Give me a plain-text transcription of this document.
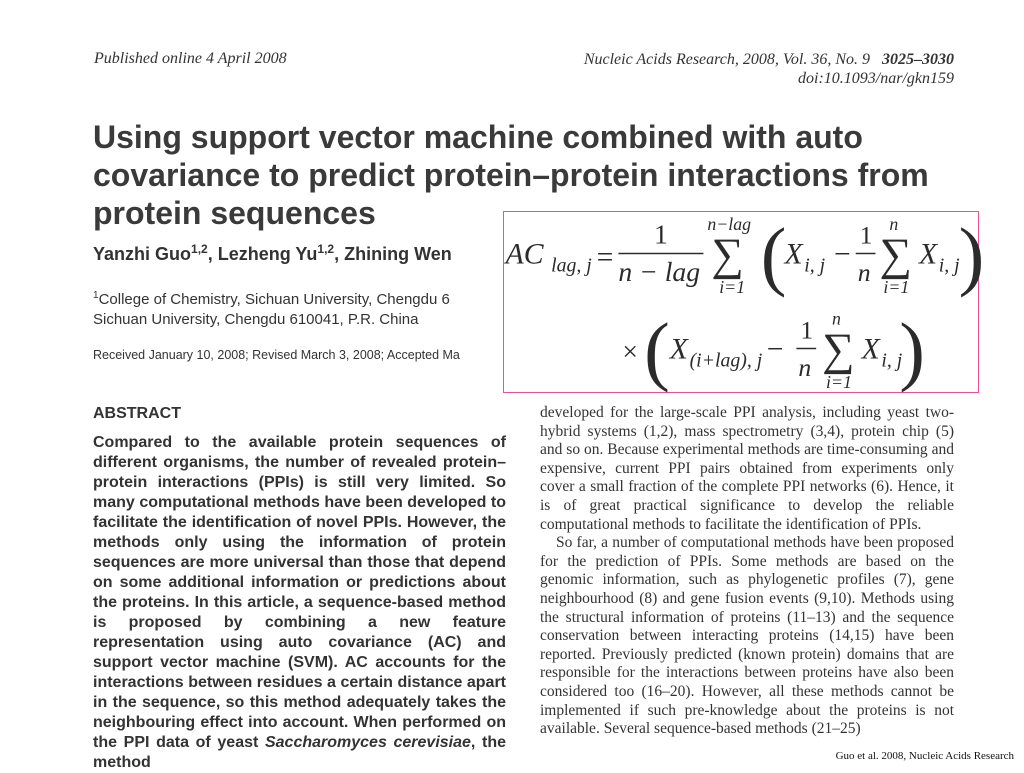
Published online 4 April 2008	Nucleic Acids Research, 2008, Vol. 36, No. 9 3025–3030
doi:10.1093/nar/gkn159
Using support vector machine combined with auto covariance to predict protein–protein interactions from protein sequences
Yanzhi Guo$^{1,2}$, Lezheng Yu$^{1,2}$, Zhining Wen
$^1$College of Chemistry, Sichuan University, Chengdu 6
Sichuan University, Chengdu 610041, P.R. China
Received January 10, 2008; Revised March 3, 2008; Accepted Ma
ABSTRACT
Compared to the available protein sequences of different organisms, the number of revealed protein–protein interactions (PPIs) is still very limited. So many computational methods have been developed to facilitate the identification of novel PPIs. However, the methods only using the information of protein sequences are more universal than those that depend on some additional information or predictions about the proteins. In this article, a sequence-based method is proposed by combining a new feature representation using auto covariance (AC) and support vector machine (SVM). AC accounts for the interactions between residues a certain distance apart in the sequence, so this method adequately takes the neighbouring effect into account. When performed on the PPI data of yeast Saccharomyces cerevisiae, the method

developed for the large-scale PPI analysis, including yeast two-hybrid systems (1,2), mass spectrometry (3,4), protein chip (5) and so on. Because experimental methods are time-consuming and expensive, current PPI pairs obtained from experiments only cover a small fraction of the complete PPI networks (6). Hence, it is of great practical significance to develop the reliable computational methods to facilitate the identification of PPIs.

So far, a number of computational methods have been proposed for the prediction of PPIs. Some methods are based on the genomic information, such as phylogenetic profiles (7), gene neighbourhood (8) and gene fusion events (9,10). Methods using the structural information of proteins (11–13) and the sequence conservation between interacting proteins (14,15) have been reported. Previously predicted (known protein) domains that are responsible for the interactions between proteins have also been considered too (16–20). However, all these methods cannot be implemented if such pre-knowledge about the proteins is not available. Several sequence-based methods (21–25)

AC lag, j =
1
n − lag
n−lag
∑
i=1 (
X i, j −
1
n
n
∑
i=1
X i, j
)
× ( X (i+lag), j −
1
n
n
∑
i=1
X i, j
)
Guo et al. 2008, Nucleic Acids Research
